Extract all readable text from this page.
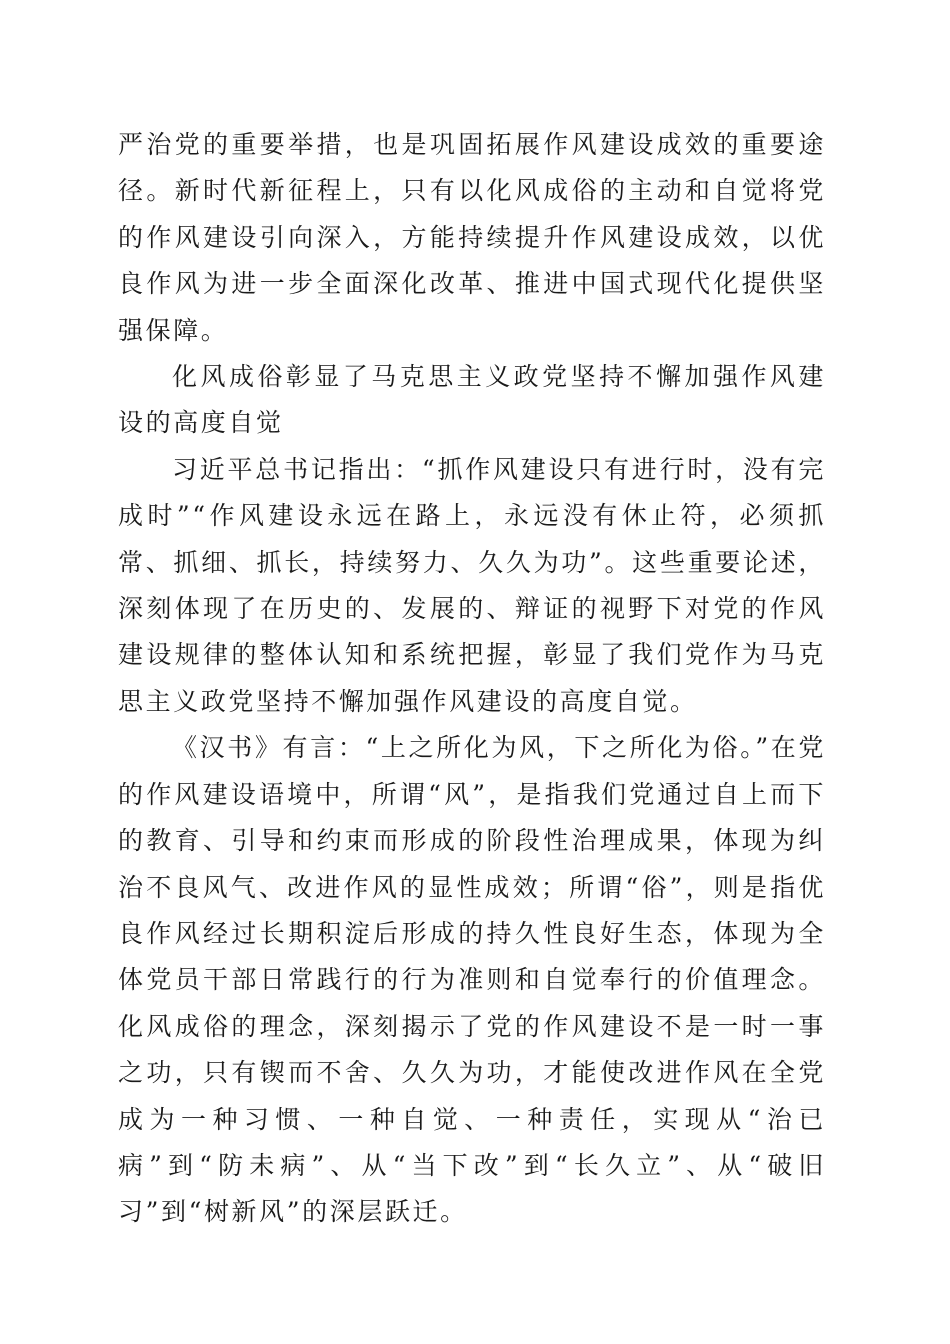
严治党的重要举措，也是巩固拓展作风建设成效的重要途径。新时代新征程上，只有以化风成俗的主动和自觉将党的作风建设引向深入，方能持续提升作风建设成效，以优良作风为进一步全面深化改革、推进中国式现代化提供坚强保障。

化风成俗彰显了马克思主义政党坚持不懈加强作风建设的高度自觉

习近平总书记指出：“抓作风建设只有进行时，没有完成时”“作风建设永远在路上，永远没有休止符，必须抓常、抓细、抓长，持续努力、久久为功”。这些重要论述，深刻体现了在历史的、发展的、辩证的视野下对党的作风建设规律的整体认知和系统把握，彰显了我们党作为马克思主义政党坚持不懈加强作风建设的高度自觉。

《汉书》有言：“上之所化为风，下之所化为俗。”在党的作风建设语境中，所谓“风”，是指我们党通过自上而下的教育、引导和约束而形成的阶段性治理成果，体现为纠治不良风气、改进作风的显性成效；所谓“俗”，则是指优良作风经过长期积淀后形成的持久性良好生态，体现为全体党员干部日常践行的行为准则和自觉奉行的价值理念。化风成俗的理念，深刻揭示了党的作风建设不是一时一事之功，只有锲而不舍、久久为功，才能使改进作风在全党成为一种习惯、一种自觉、一种责任，实现从“治已病”到“防未病”、从“当下改”到“长久立”、从“破旧习”到“树新风”的深层跃迁。
